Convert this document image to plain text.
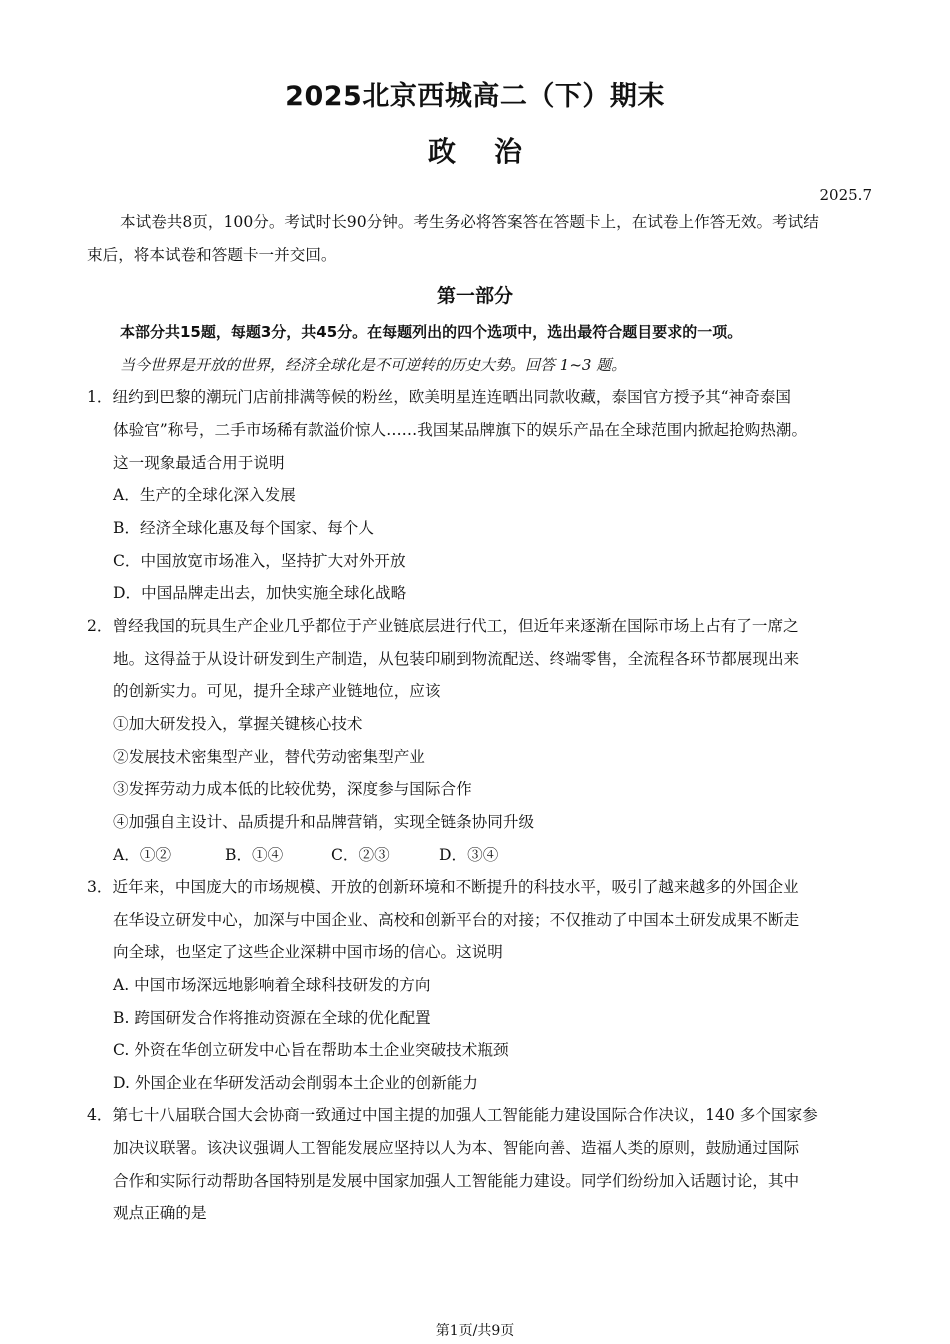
2025北京西城高二（下）期末
政治
2025.7
本试卷共8页，100分。考试时长90分钟。考生务必将答案答在答题卡上，在试卷上作答无效。考试结
束后，将本试卷和答题卡一并交回。
第一部分
本部分共15题，每题3分，共45分。在每题列出的四个选项中，选出最符合题目要求的一项。
当今世界是开放的世界，经济全球化是不可逆转的历史大势。回答 1~3 题。
1．纽约到巴黎的潮玩门店前排满等候的粉丝，欧美明星连连晒出同款收藏，泰国官方授予其“神奇泰国
体验官”称号，二手市场稀有款溢价惊人……我国某品牌旗下的娱乐产品在全球范围内掀起抢购热潮。
这一现象最适合用于说明
A．生产的全球化深入发展
B．经济全球化惠及每个国家、每个人
C．中国放宽市场准入，坚持扩大对外开放
D．中国品牌走出去，加快实施全球化战略
2．曾经我国的玩具生产企业几乎都位于产业链底层进行代工，但近年来逐渐在国际市场上占有了一席之
地。这得益于从设计研发到生产制造，从包装印刷到物流配送、终端零售，全流程各环节都展现出来
的创新实力。可见，提升全球产业链地位，应该
①加大研发投入，掌握关键核心技术
②发展技术密集型产业，替代劳动密集型产业
③发挥劳动力成本低的比较优势，深度参与国际合作
④加强自主设计、品质提升和品牌营销，实现全链条协同升级
A．①②	B．①④	C．②③	D．③④
3．近年来，中国庞大的市场规模、开放的创新环境和不断提升的科技水平，吸引了越来越多的外国企业
在华设立研发中心，加深与中国企业、高校和创新平台的对接；不仅推动了中国本土研发成果不断走
向全球，也坚定了这些企业深耕中国市场的信心。这说明
A. 中国市场深远地影响着全球科技研发的方向
B. 跨国研发合作将推动资源在全球的优化配置
C. 外资在华创立研发中心旨在帮助本土企业突破技术瓶颈
D. 外国企业在华研发活动会削弱本土企业的创新能力
4．第七十八届联合国大会协商一致通过中国主提的加强人工智能能力建设国际合作决议，140 多个国家参
加决议联署。该决议强调人工智能发展应坚持以人为本、智能向善、造福人类的原则，鼓励通过国际
合作和实际行动帮助各国特别是发展中国家加强人工智能能力建设。同学们纷纷加入话题讨论，其中
观点正确的是
第1页/共9页
